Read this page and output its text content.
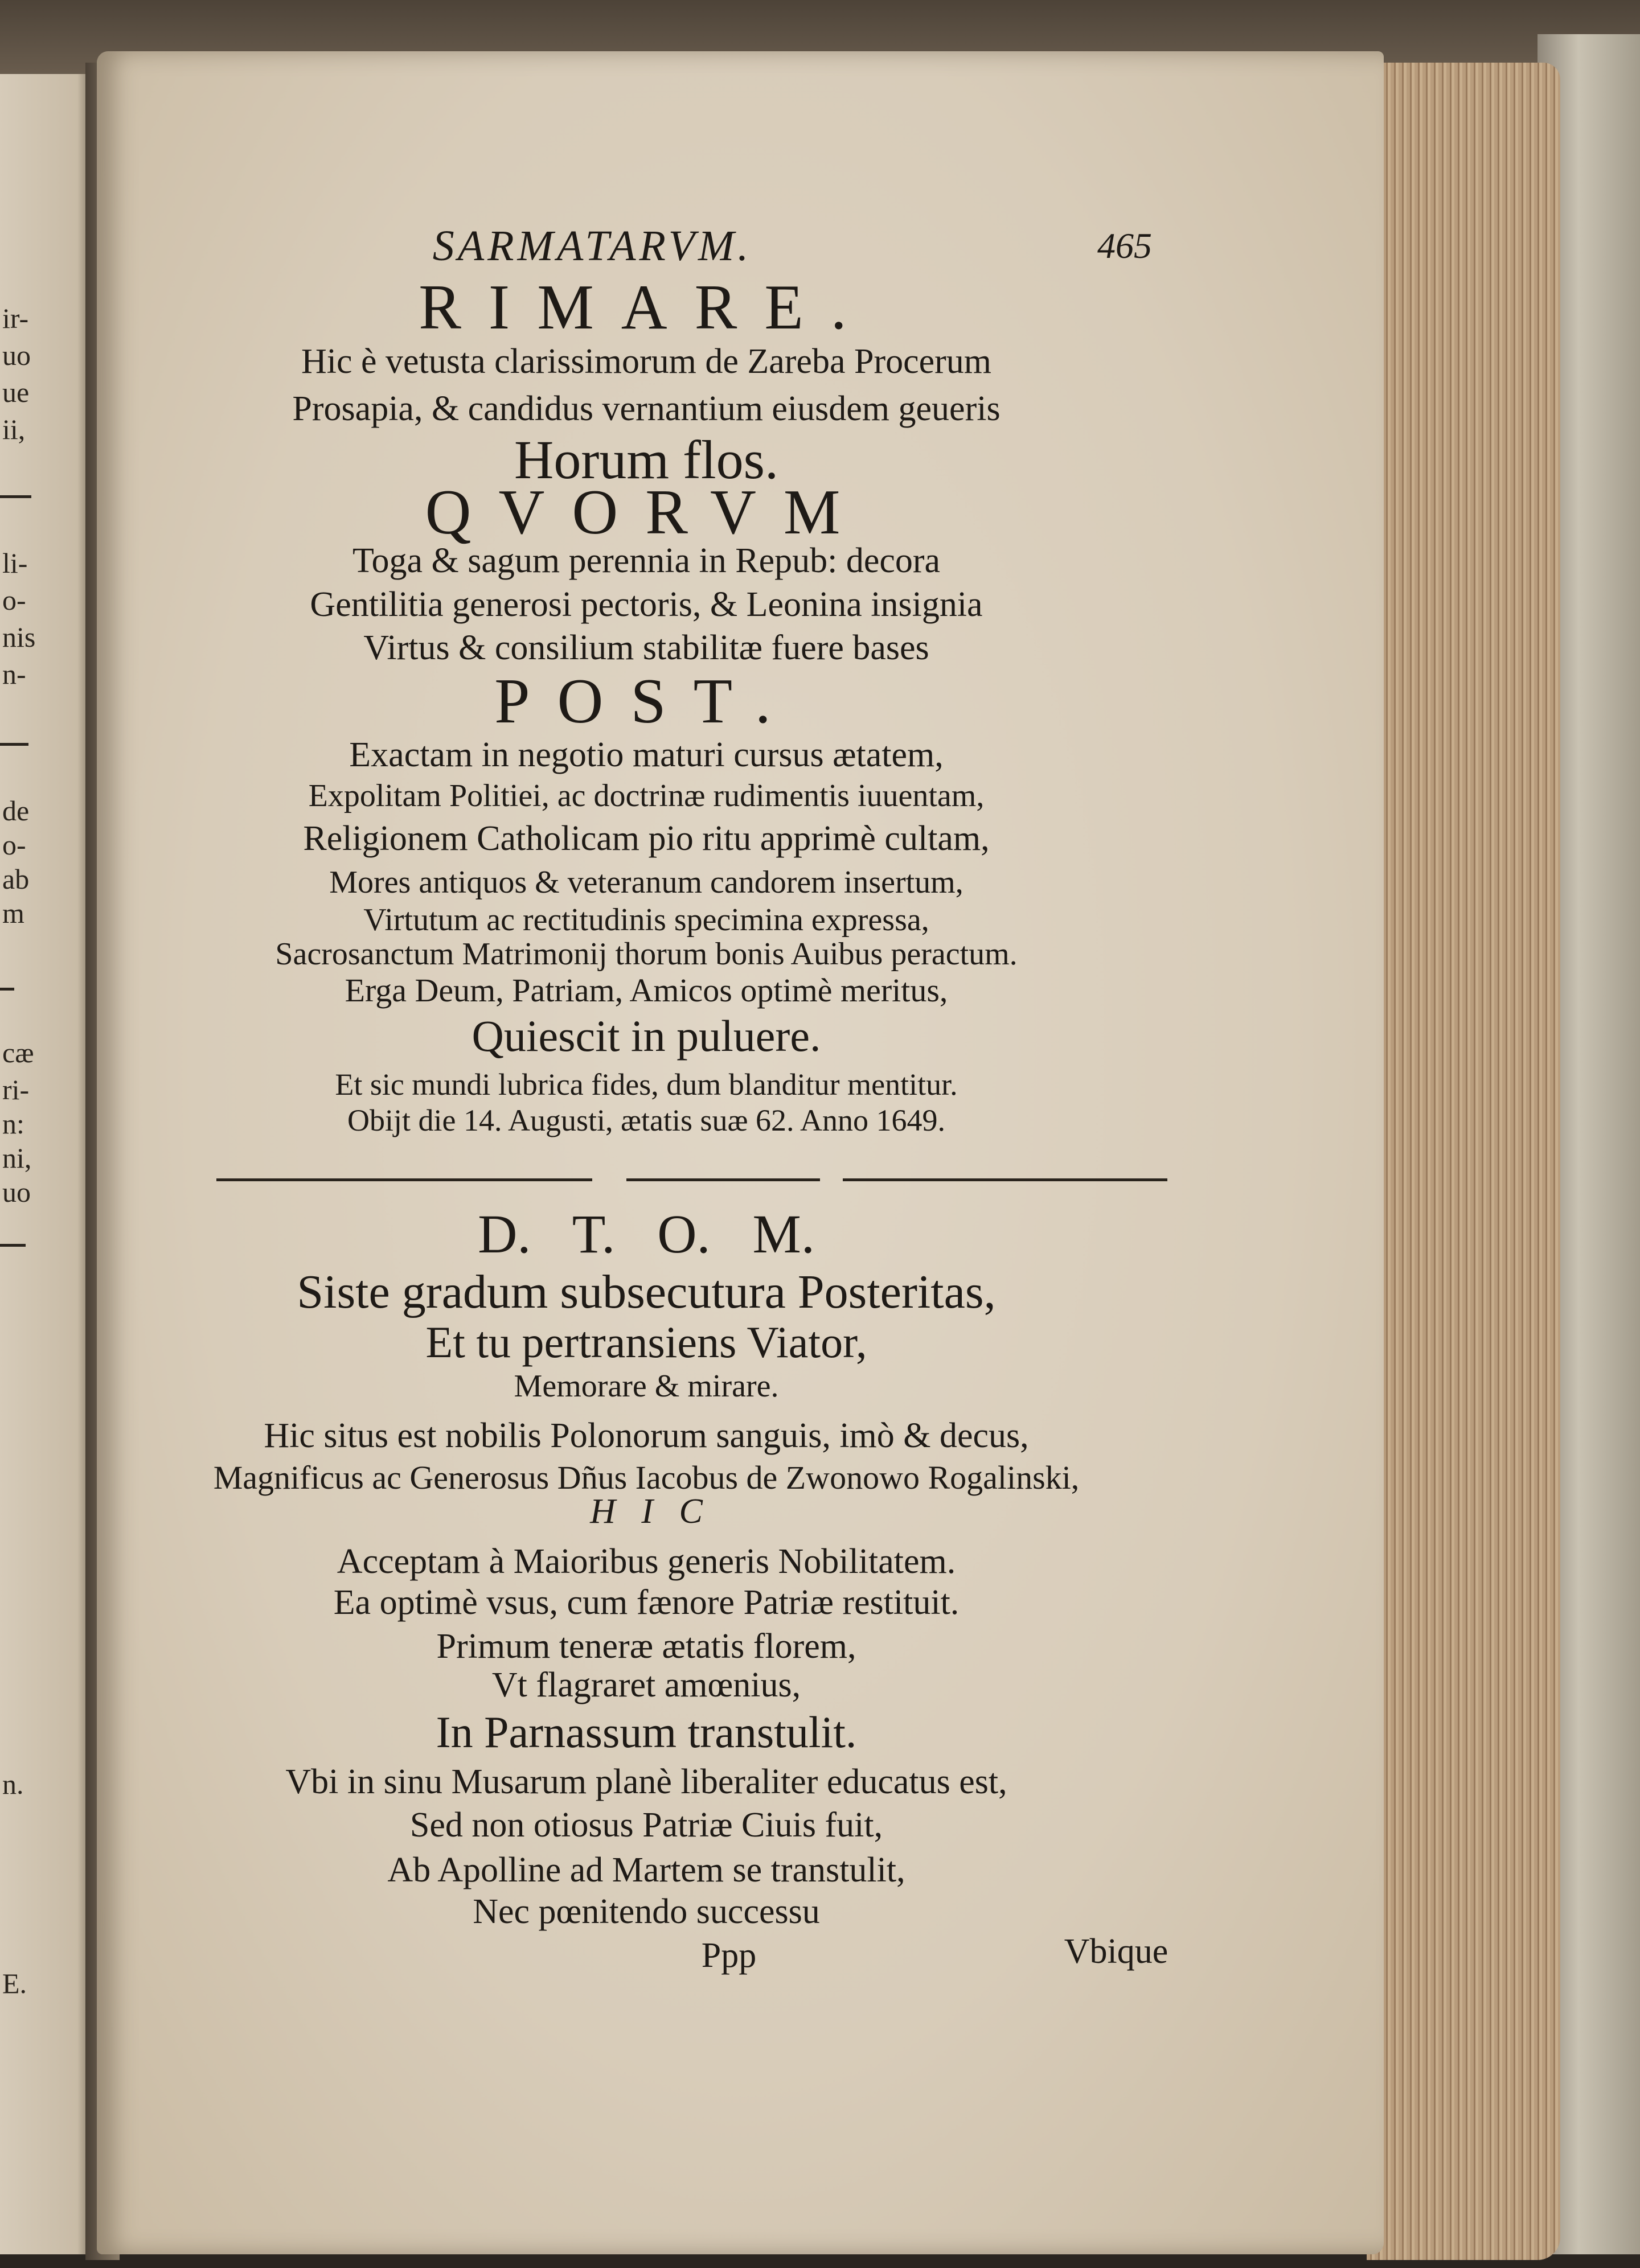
ir-
uo
ue
ii,
li-
o-
nis
n-
de
o-
ab
m
cæ
ri-
n:
ni,
uo
n.
E.
SARMATARVM.	465
RIMARE.
Hic è vetusta clarissimorum de Zareba Procerum
Prosapia, & candidus vernantium eiusdem geueris
Horum flos.
QVORVM
Toga & sagum perennia in Repub: decora
Gentilitia generosi pectoris, & Leonina insignia
Virtus & consilium stabilitæ fuere bases
POST.
Exactam in negotio maturi cursus ætatem,
Expolitam Politiei, ac doctrinæ rudimentis iuuentam,
Religionem Catholicam pio ritu apprimè cultam,
Mores antiquos & veteranum candorem insertum,
Virtutum ac rectitudinis specimina expressa,
Sacrosanctum Matrimonij thorum bonis Auibus peractum.
Erga Deum, Patriam, Amicos optimè meritus,
Quiescit in puluere.
Et sic mundi lubrica fides, dum blanditur mentitur.
Obijt die 14. Augusti, ætatis suæ 62. Anno 1649.
D. T. O. M.
Siste gradum subsecutura Posteritas,
Et tu pertransiens Viator,
Memorare & mirare.
Hic situs est nobilis Polonorum sanguis, imò & decus,
Magnificus ac Generosus Dñus Iacobus de Zwonowo Rogalinski,
H I C
Acceptam à Maioribus generis Nobilitatem.
Ea optimè vsus, cum fænore Patriæ restituit.
Primum teneræ ætatis florem,
Vt flagraret amœnius,
In Parnassum transtulit.
Vbi in sinu Musarum planè liberaliter educatus est,
Sed non otiosus Patriæ Ciuis fuit,
Ab Apolline ad Martem se transtulit,
Nec pœnitendo successu
Ppp	Vbique
